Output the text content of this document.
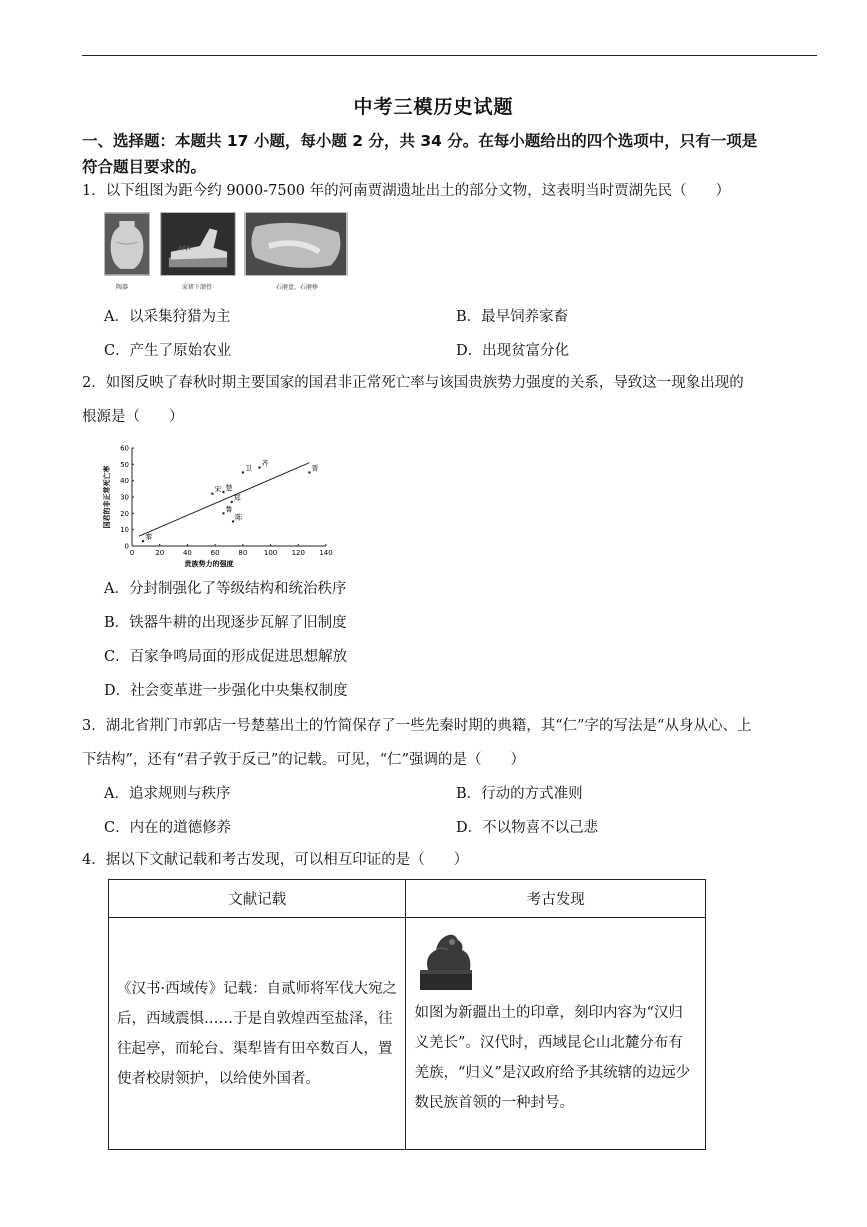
中考三模历史试题
一、选择题：本题共 17 小题，每小题 2 分，共 34 分。在每小题给出的四个选项中，只有一项是
符合题目要求的。
1．以下组图为距今约 9000-7500 年的河南贾湖遗址出土的部分文物，这表明当时贾湖先民（　　）
陶器	家猪下颌骨	石磨盘、石磨棒
A．以采集狩猎为主	B．最早饲养家畜
C．产生了原始农业	D．出现贫富分化
2．如图反映了春秋时期主要国家的国君非正常死亡率与该国贵族势力强度的关系，导致这一现象出现的
根源是（　　）
0	20	40	60	80 100 120 140
0
10
20
30
40
50
60
秦
宋 楚
郑
鲁
陈
卫
齐
晋
贵族势力的强度
国君的非正常死亡率
A．分封制强化了等级结构和统治秩序
B．铁器牛耕的出现逐步瓦解了旧制度
C．百家争鸣局面的形成促进思想解放
D．社会变革进一步强化中央集权制度
3．湖北省荆门市郭店一号楚墓出土的竹简保存了一些先秦时期的典籍，其“仁”字的写法是“从身从心、上
下结构”，还有“君子敦于反己”的记载。可见，“仁”强调的是（　　）
A．追求规则与秩序	B．行动的方式准则
C．内在的道德修养	D．不以物喜不以己悲
4．据以下文献记载和考古发现，可以相互印证的是（　　）
文献记载	考古发现

《汉书·西域传》记载：自贰师将军伐大宛之后，西域震惧……于是自敦煌西至盐泽，往往起亭，而轮台、渠犁皆有田卒数百人，置使者校尉领护，以给使外国者。	如图为新疆出土的印章，刻印内容为“汉归义羌长”。汉代时，西域昆仑山北麓分布有羌族，“归义”是汉政府给予其统辖的边远少数民族首领的一种封号。
